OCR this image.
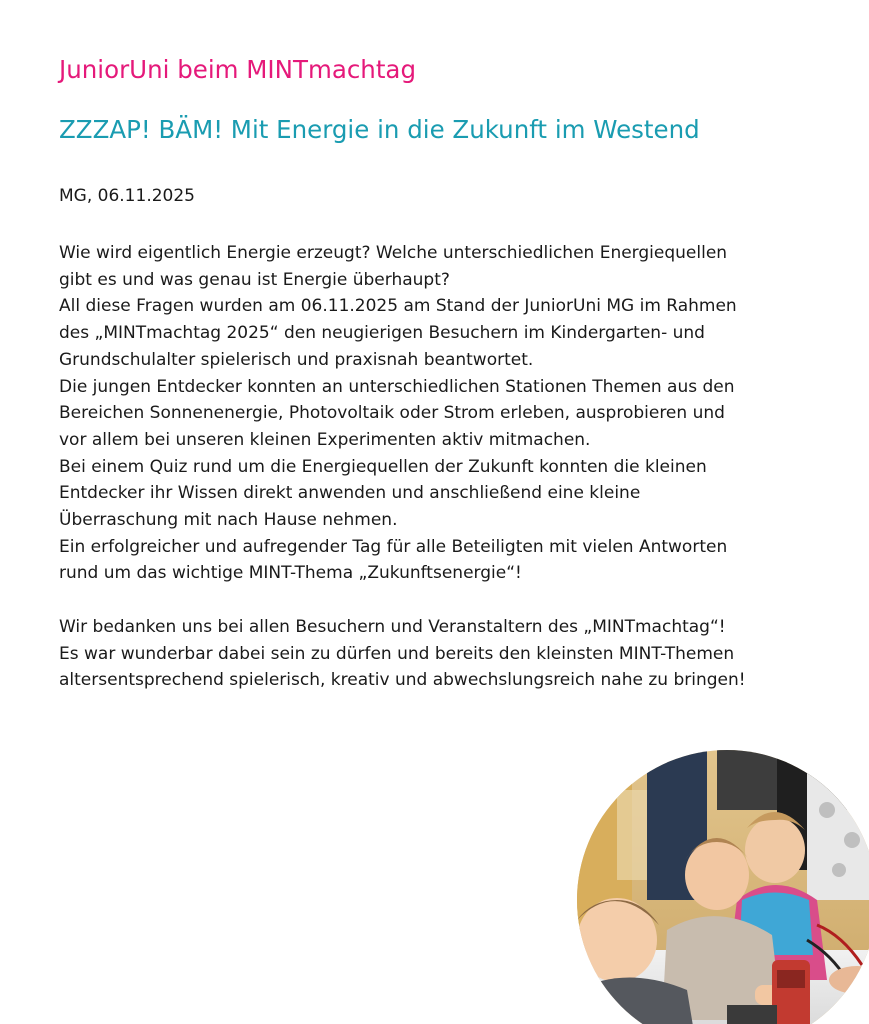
JuniorUni beim MINTmachtag
ZZZAP! BÄM! Mit Energie in die Zukunft im Westend

MG, 06.11.2025

Wie wird eigentlich Energie erzeugt? Welche unterschiedlichen Energiequellen
gibt es und was genau ist Energie überhaupt?
All diese Fragen wurden am 06.11.2025 am Stand der JuniorUni MG im Rahmen
des „MINTmachtag 2025“ den neugierigen Besuchern im Kindergarten- und
Grundschulalter spielerisch und praxisnah beantwortet.
Die jungen Entdecker konnten an unterschiedlichen Stationen Themen aus den
Bereichen Sonnenenergie, Photovoltaik oder Strom erleben, ausprobieren und
vor allem bei unseren kleinen Experimenten aktiv mitmachen.
Bei einem Quiz rund um die Energiequellen der Zukunft konnten die kleinen
Entdecker ihr Wissen direkt anwenden und anschließend eine kleine
Überraschung mit nach Hause nehmen.
Ein erfolgreicher und aufregender Tag für alle Beteiligten mit vielen Antworten
rund um das wichtige MINT-Thema „Zukunftsenergie“!

Wir bedanken uns bei allen Besuchern und Veranstaltern des „MINTmachtag“!
Es war wunderbar dabei sein zu dürfen und bereits den kleinsten MINT-Themen
altersentsprechend spielerisch, kreativ und abwechslungsreich nahe zu bringen!
